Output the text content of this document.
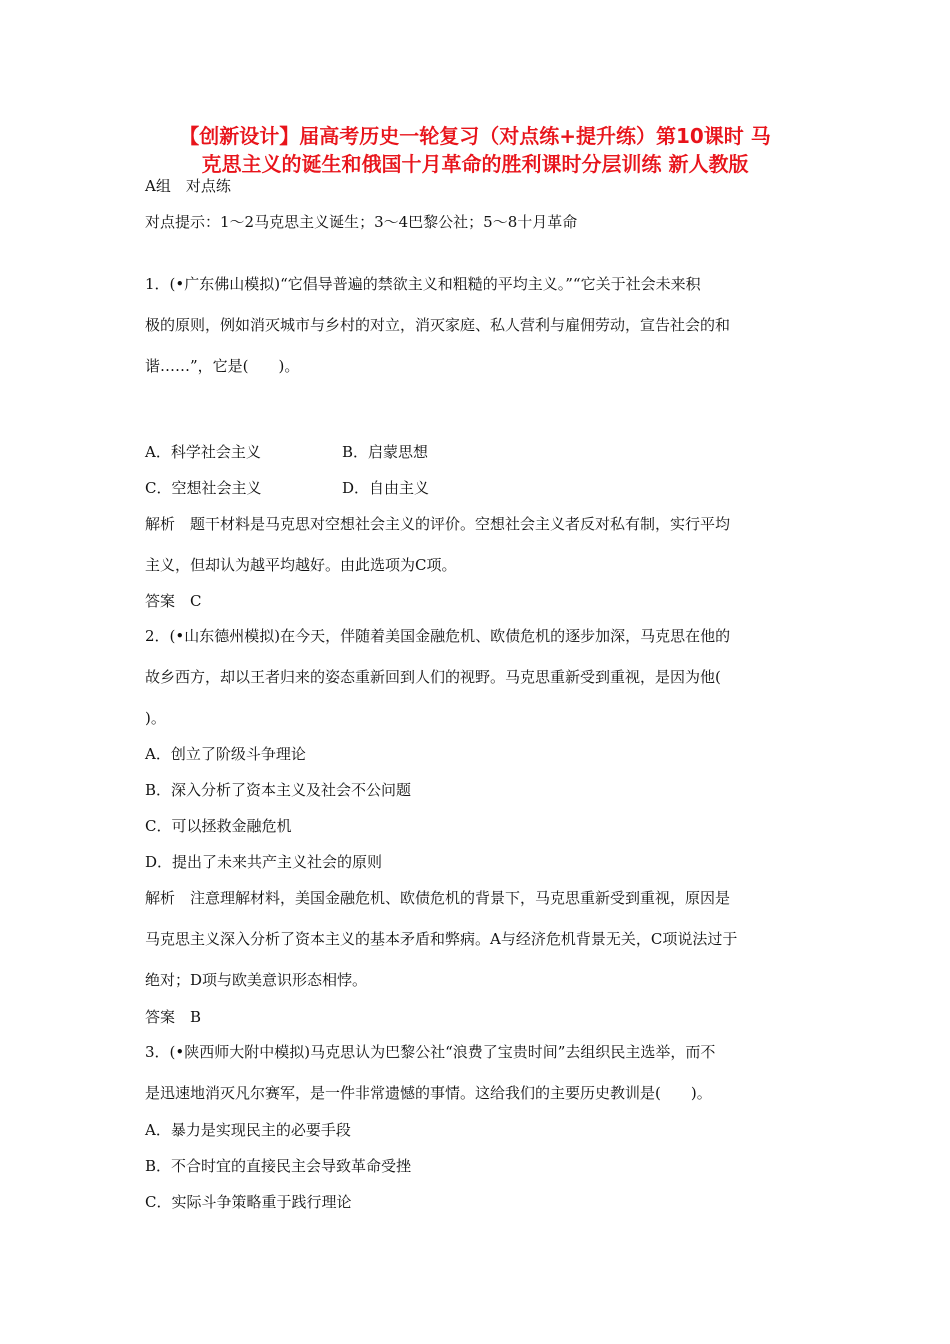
【创新设计】届高考历史一轮复习（对点练+提升练）第10课时 马
克思主义的诞生和俄国十月革命的胜利课时分层训练 新人教版
A组　对点练
对点提示：1～2马克思主义诞生；3～4巴黎公社；5～8十月革命
1．(•广东佛山模拟)“它倡导普遍的禁欲主义和粗糙的平均主义。”“它关于社会未来积
极的原则，例如消灭城市与乡村的对立，消灭家庭、私人营利与雇佣劳动，宣告社会的和
谐……”，它是(　　)。
A．科学社会主义	B．启蒙思想
C．空想社会主义	D．自由主义
解析　题干材料是马克思对空想社会主义的评价。空想社会主义者反对私有制，实行平均
主义，但却认为越平均越好。由此选项为C项。
答案　C
2．(•山东德州模拟)在今天，伴随着美国金融危机、欧债危机的逐步加深，马克思在他的
故乡西方，却以王者归来的姿态重新回到人们的视野。马克思重新受到重视，是因为他(
)。
A．创立了阶级斗争理论
B．深入分析了资本主义及社会不公问题
C．可以拯救金融危机
D．提出了未来共产主义社会的原则
解析　注意理解材料，美国金融危机、欧债危机的背景下，马克思重新受到重视，原因是
马克思主义深入分析了资本主义的基本矛盾和弊病。A与经济危机背景无关，C项说法过于
绝对；D项与欧美意识形态相悖。
答案　B
3．(•陕西师大附中模拟)马克思认为巴黎公社“浪费了宝贵时间”去组织民主选举，而不
是迅速地消灭凡尔赛军，是一件非常遗憾的事情。这给我们的主要历史教训是(　　)。
A．暴力是实现民主的必要手段
B．不合时宜的直接民主会导致革命受挫
C．实际斗争策略重于践行理论
